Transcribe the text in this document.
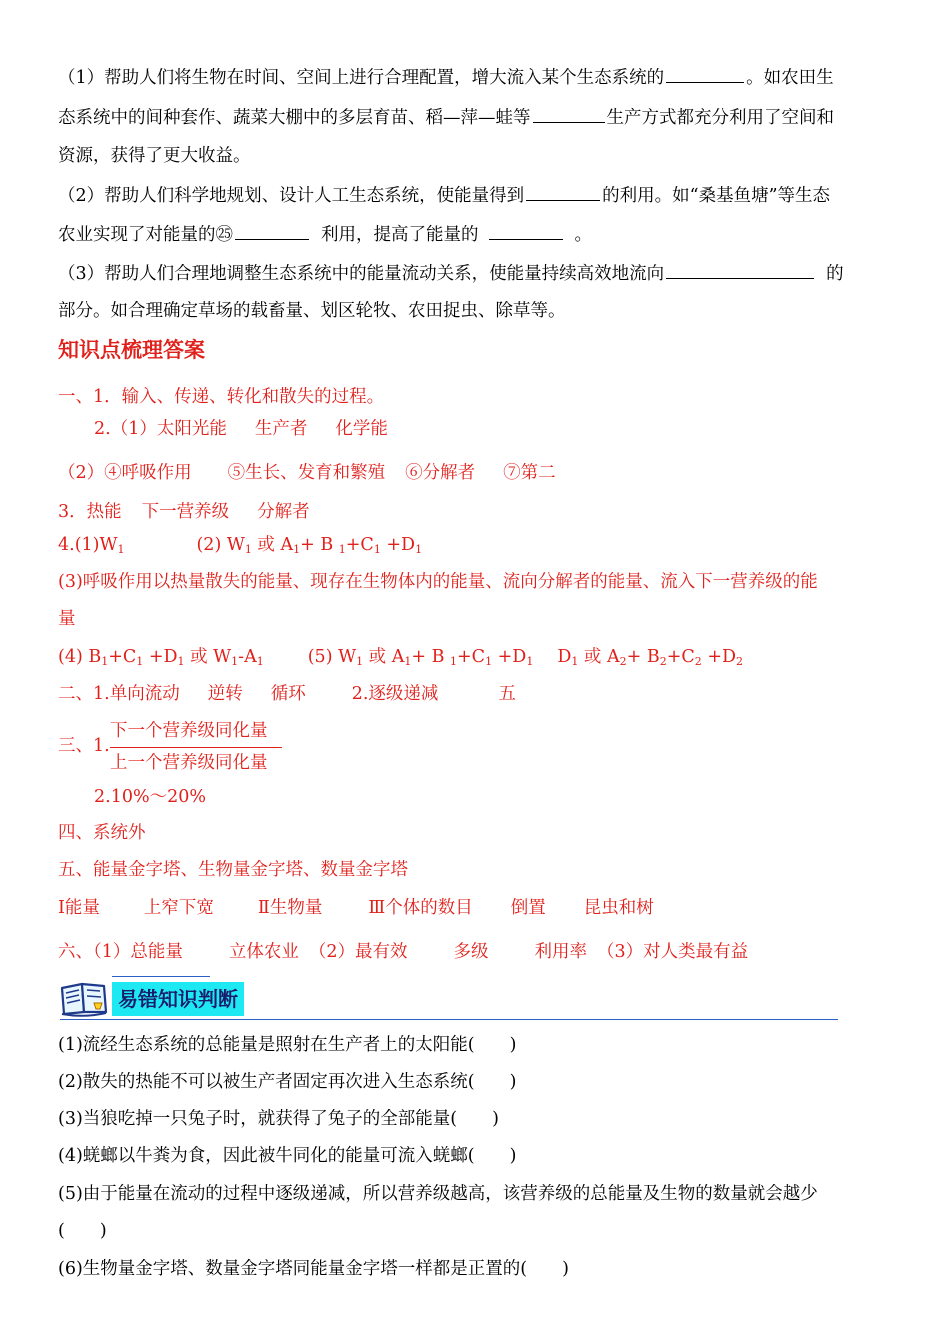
（1）帮助人们将生物在时间、空间上进行合理配置，增大流入某个生态系统的	。如农田生
态系统中的间种套作、蔬菜大棚中的多层育苗、稻—萍—蛙等	生产方式都充分利用了空间和
资源，获得了更大收益。
（2）帮助人们科学地规划、设计人工生态系统，使能量得到	的利用。如“桑基鱼塘”等生态
农业实现了对能量的㉕	利用，提高了能量的	。
（3）帮助人们合理地调整生态系统中的能量流动关系，使能量持续高效地流向	的
部分。如合理确定草场的载畜量、划区轮牧、农田捉虫、除草等。
知识点梳理答案
一、1．输入、传递、转化和散失的过程。
2.（1）太阳光能 生产者 化学能
（2）④呼吸作用 ⑤生长、发育和繁殖 ⑥分解者 ⑦第二
3．热能 下一营养级 分解者
$4.(1)W_1$	(2) $W_1$ 或 $A_1+ B$ $_1+C_1 +D_1$
(3)呼吸作用以热量散失的能量、现存在生物体内的能量、流向分解者的能量、流入下一营养级的能
量
(4) $B_1+C_1 +D_1$ 或 $W_1-A_1$	(5) $W_1$ 或 $A_1+ B$ $_1+C_1 +D_1$ $D_1$ 或 $A_2+ B_2+C_2 +D_2$
二、1.单向流动 逆转 循环	2.逐级递减	五
三、1.
下一个营养级同化量
上一个营养级同化量
2.10%～20%
四、系统外
五、能量金字塔、生物量金字塔、数量金字塔
Ⅰ能量	上窄下宽	Ⅱ生物量	Ⅲ个体的数目 倒置 昆虫和树
六、（1）总能量	立体农业 （2）最有效	多级	利用率 （3）对人类最有益
易错知识判断
(1)流经生态系统的总能量是照射在生产者上的太阳能(　　)
(2)散失的热能不可以被生产者固定再次进入生态系统(　　)
(3)当狼吃掉一只兔子时，就获得了兔子的全部能量(　　)
(4)蜣螂以牛粪为食，因此被牛同化的能量可流入蜣螂(　　)
(5)由于能量在流动的过程中逐级递减，所以营养级越高，该营养级的总能量及生物的数量就会越少
(　　)
(6)生物量金字塔、数量金字塔同能量金字塔一样都是正置的(　　)
